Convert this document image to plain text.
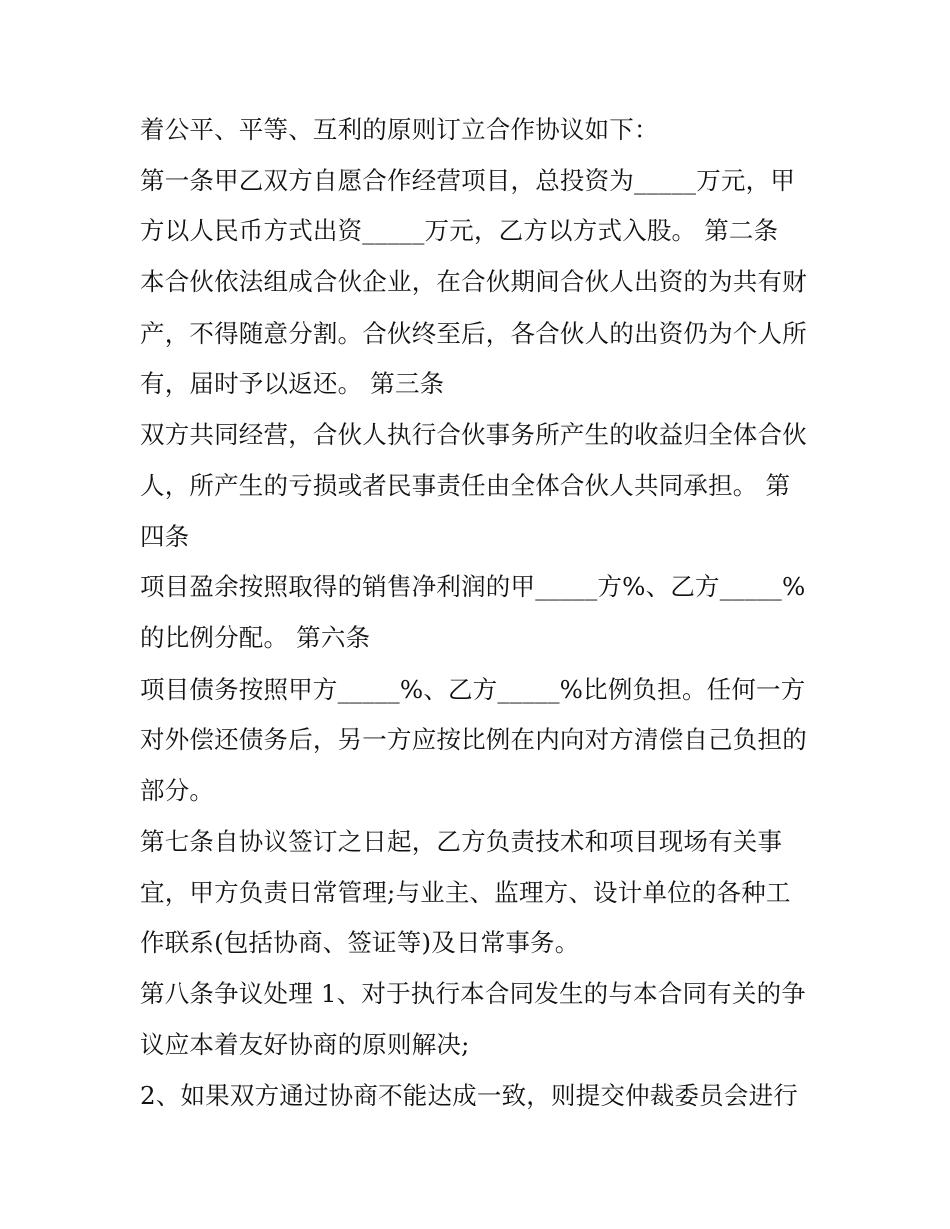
着公平、平等、互利的原则订立合作协议如下：
第一条甲乙双方自愿合作经营项目，总投资为_____万元，甲
方以人民币方式出资_____万元，乙方以方式入股。 第二条
本合伙依法组成合伙企业，在合伙期间合伙人出资的为共有财
产，不得随意分割。合伙终至后，各合伙人的出资仍为个人所
有，届时予以返还。 第三条
双方共同经营，合伙人执行合伙事务所产生的收益归全体合伙
人，所产生的亏损或者民事责任由全体合伙人共同承担。 第
四条
项目盈余按照取得的销售净利润的甲_____方%、乙方_____%
的比例分配。 第六条
项目债务按照甲方_____%、乙方_____%比例负担。任何一方
对外偿还债务后，另一方应按比例在内向对方清偿自己负担的
部分。
第七条自协议签订之日起，乙方负责技术和项目现场有关事
宜，甲方负责日常管理;与业主、监理方、设计单位的各种工
作联系(包括协商、签证等)及日常事务。
第八条争议处理 1、对于执行本合同发生的与本合同有关的争
议应本着友好协商的原则解决;
2、如果双方通过协商不能达成一致，则提交仲裁委员会进行
